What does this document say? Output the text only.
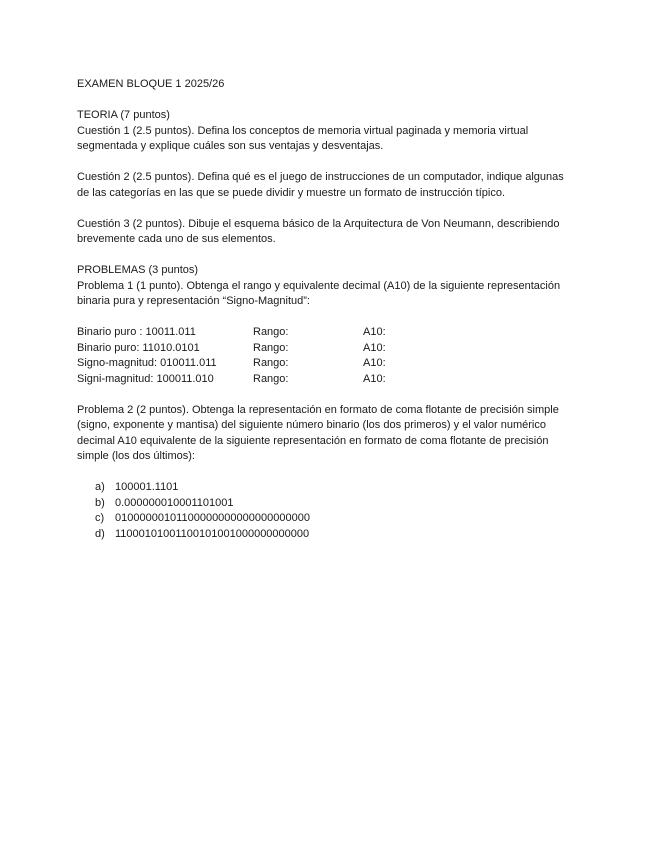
EXAMEN BLOQUE 1 2025/26

TEORIA (7 puntos)

Cuestión 1 (2.5 puntos). Defina los conceptos de memoria virtual paginada y memoria virtual segmentada y explique cuáles son sus ventajas y desventajas.

Cuestión 2 (2.5 puntos). Defina qué es el juego de instrucciones de un computador, indique algunas de las categorías en las que se puede dividir y muestre un formato de instrucción típico.

Cuestión 3 (2 puntos). Dibuje el esquema básico de la Arquitectura de Von Neumann, describiendo brevemente cada uno de sus elementos.

PROBLEMAS (3 puntos)

Problema 1 (1 punto). Obtenga el rango y equivalente decimal (A10) de la siguiente representación binaria pura y representación “Signo-Magnitud”:

Binario puro : 10011.011	Rango:	A10:
Binario puro: 11010.0101	Rango:	A10:
Signo-magnitud: 010011.011	Rango:	A10:
Signi-magnitud: 100011.010	Rango:	A10:

Problema 2 (2 puntos). Obtenga la representación en formato de coma flotante de precisión simple (signo, exponente y mantisa) del siguiente número binario (los dos primeros) y el valor numérico decimal A10 equivalente de la siguiente representación en formato de coma flotante de precisión simple (los dos últimos):

a) 100001.1101
b) 0.000000010001101001
c) 01000000101100000000000000000000
d) 11000101001100101001000000000000
